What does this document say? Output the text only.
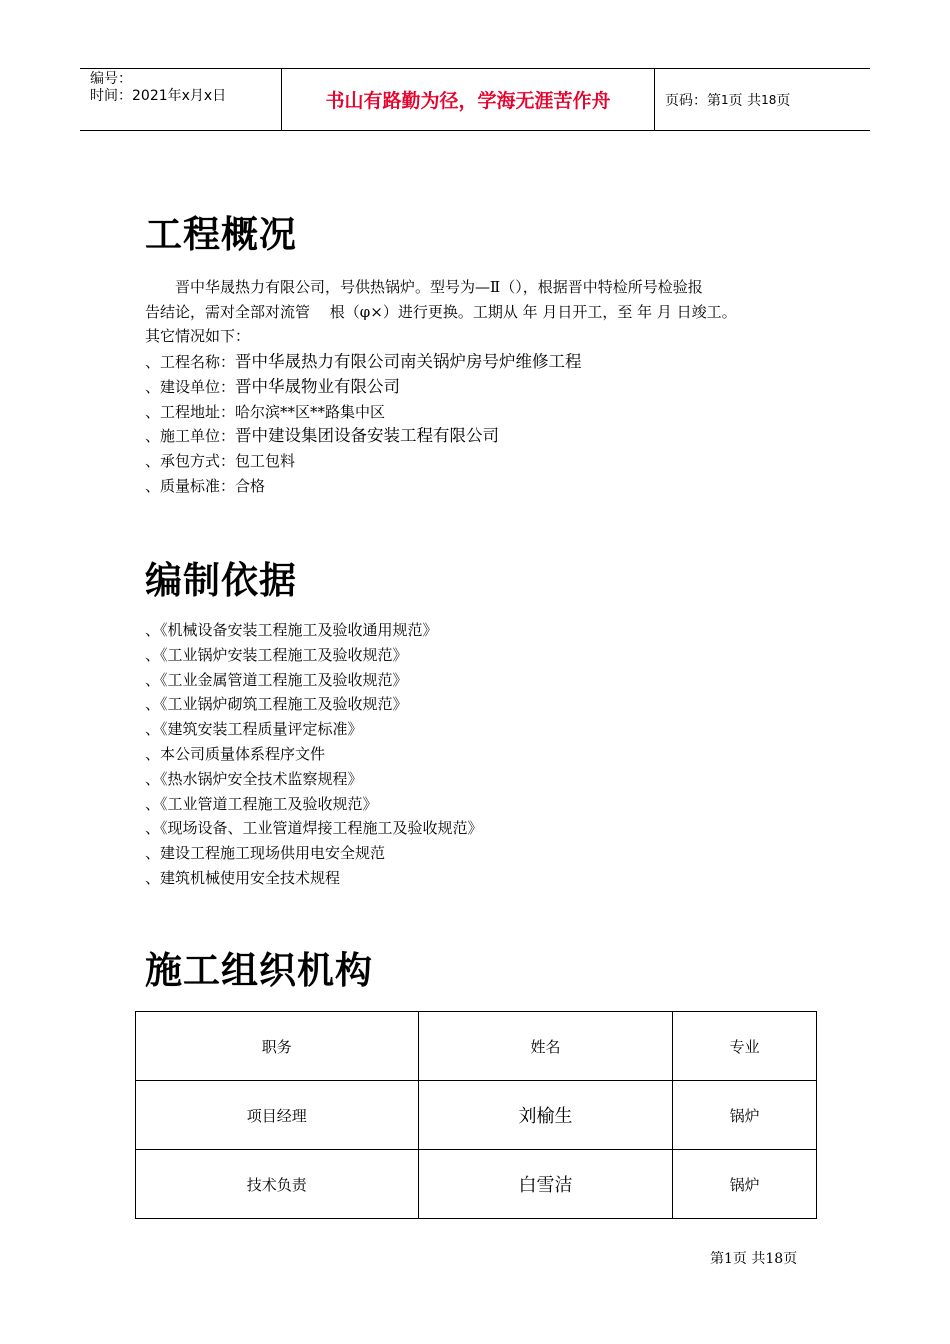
编号：
时间：2021年x月x日	书山有路勤为径，学海无涯苦作舟	页码：第 1 页 共 18 页
工程概况

晋中华晟热力有限公司，号供热锅炉。型号为—Ⅱ（），根据晋中特检所号检验报

告结论，需对全部对流管　 根（φ×）进行更换。工期从 年 月日开工，至 年 月 日竣工。

其它情况如下：

、工程名称：晋中华晟热力有限公司南关锅炉房号炉维修工程
、建设单位：晋中华晟物业有限公司
、工程地址：哈尔滨**区**路集中区
、施工单位：晋中建设集团设备安装工程有限公司
、承包方式：包工包料
、质量标准：合格
编制依据
、《机械设备安装工程施工及验收通用规范》
、《工业锅炉安装工程施工及验收规范》
、《工业金属管道工程施工及验收规范》
、《工业锅炉砌筑工程施工及验收规范》
、《建筑安装工程质量评定标准》
、本公司质量体系程序文件
、《热水锅炉安全技术监察规程》
、《工业管道工程施工及验收规范》
、《现场设备、工业管道焊接工程施工及验收规范》
、建设工程施工现场供用电安全规范
、建筑机械使用安全技术规程
施工组织机构
职务	姓名	专业
项目经理	刘榆生	锅炉
技术负责	白雪洁	锅炉
第1页 共18页
